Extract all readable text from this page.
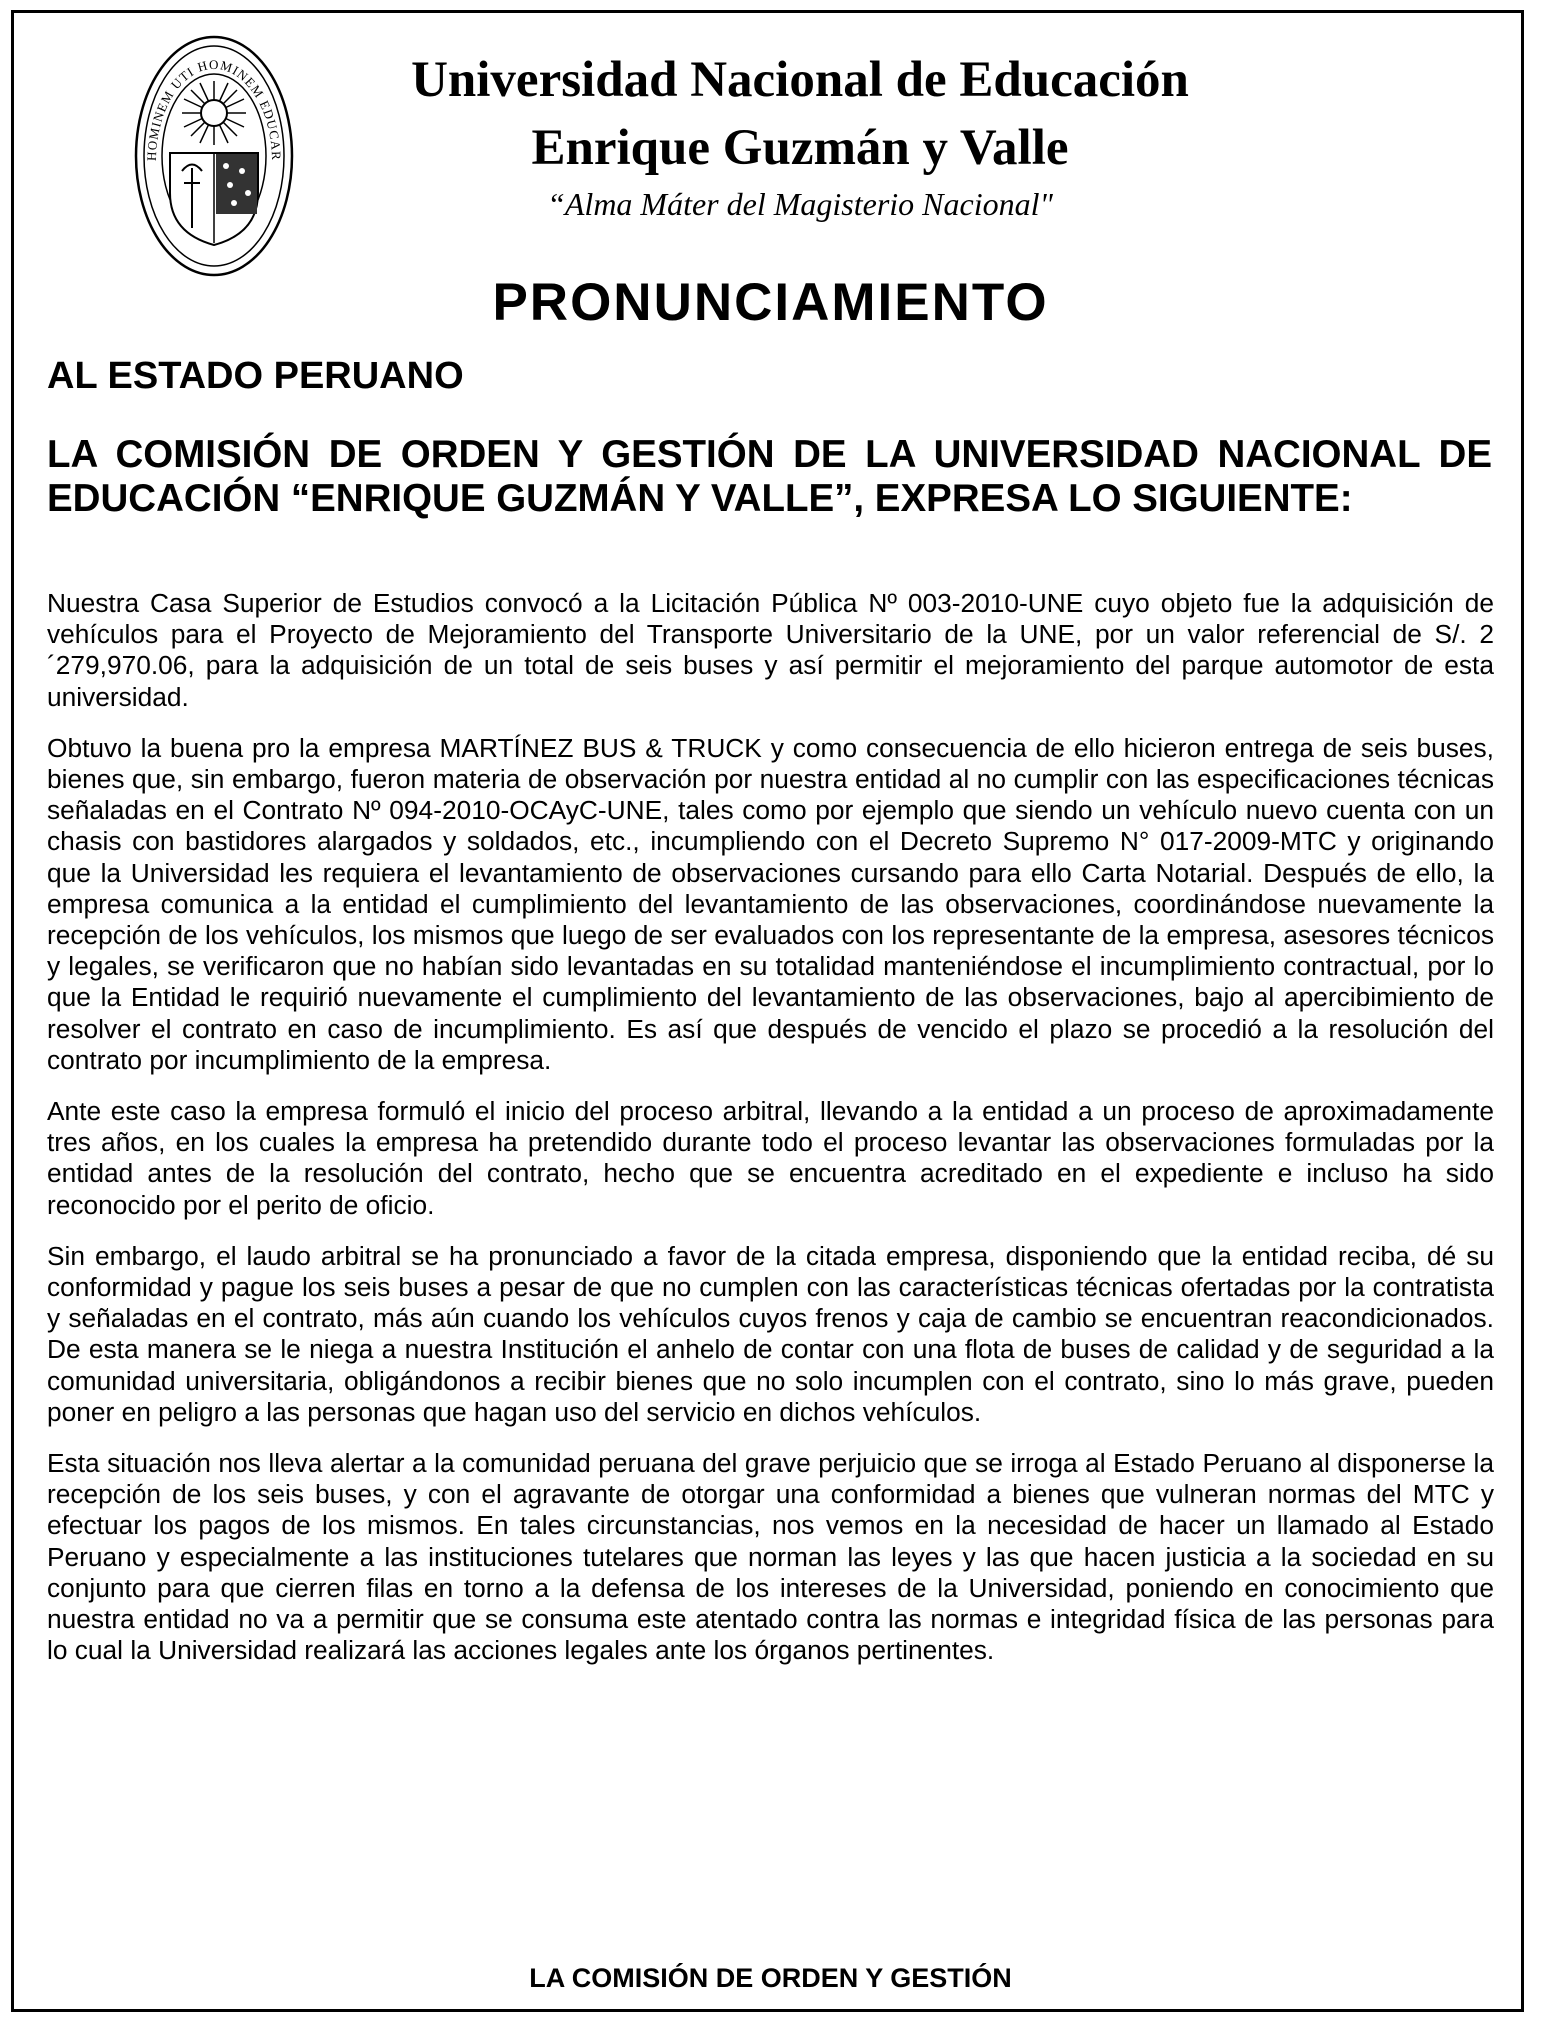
HOMINEM UTI HOMINEM EDUCAR
Universidad Nacional de Educación
Enrique Guzmán y Valle
“Alma Máter del Magisterio Nacional"
PRONUNCIAMIENTO
AL ESTADO PERUANO
LA COMISIÓN DE ORDEN Y GESTIÓN DE LA UNIVERSIDAD NACIONAL DE EDUCACIÓN “ENRIQUE GUZMÁN Y VALLE”, EXPRESA LO SIGUIENTE:

Nuestra Casa Superior de Estudios convocó a la Licitación Pública Nº 003-2010-UNE cuyo objeto fue la adquisición de vehículos para el Proyecto de Mejoramiento del Transporte Universitario de la UNE, por un valor referencial de S/. 2´279,970.06, para la adquisición de un total de seis buses y así permitir el mejoramiento del parque automotor de esta universidad.

Obtuvo la buena pro la empresa MARTÍNEZ BUS & TRUCK y como consecuencia de ello hicieron entrega de seis buses, bienes que, sin embargo, fueron materia de observación por nuestra entidad al no cumplir con las especificaciones técnicas señaladas en el Contrato Nº 094-2010-OCAyC-UNE, tales como por ejemplo que siendo un vehículo nuevo cuenta con un chasis con bastidores alargados y soldados, etc., incumpliendo con el Decreto Supremo N° 017-2009-MTC y originando que la Universidad les requiera el levantamiento de observaciones cursando para ello Carta Notarial. Después de ello, la empresa comunica a la entidad el cumplimiento del levantamiento de las observaciones, coordinándose nuevamente la recepción de los vehículos, los mismos que luego de ser evaluados con los representante de la empresa, asesores técnicos y legales, se verificaron que no habían sido levantadas en su totalidad manteniéndose el incumplimiento contractual, por lo que la Entidad le requirió nuevamente el cumplimiento del levantamiento de las observaciones, bajo al apercibimiento de resolver el contrato en caso de incumplimiento. Es así que después de vencido el plazo se procedió a la resolución del contrato por incumplimiento de la empresa.

Ante este caso la empresa formuló el inicio del proceso arbitral, llevando a la entidad a un proceso de aproximadamente tres años, en los cuales la empresa ha pretendido durante todo el proceso levantar las observaciones formuladas por la entidad antes de la resolución del contrato, hecho que se encuentra acreditado en el expediente e incluso ha sido reconocido por el perito de oficio.

Sin embargo, el laudo arbitral se ha pronunciado a favor de la citada empresa, disponiendo que la entidad reciba, dé su conformidad y pague los seis buses a pesar de que no cumplen con las características técnicas ofertadas por la contratista y señaladas en el contrato, más aún cuando los vehículos cuyos frenos y caja de cambio se encuentran reacondicionados. De esta manera se le niega a nuestra Institución el anhelo de contar con una flota de buses de calidad y de seguridad a la comunidad universitaria, obligándonos a recibir bienes que no solo incumplen con el contrato, sino lo más grave, pueden poner en peligro a las personas que hagan uso del servicio en dichos vehículos.

Esta situación nos lleva alertar a la comunidad peruana del grave perjuicio que se irroga al Estado Peruano al disponerse la recepción de los seis buses, y con el agravante de otorgar una conformidad a bienes que vulneran normas del MTC y efectuar los pagos de los mismos. En tales circunstancias, nos vemos en la necesidad de hacer un llamado al Estado Peruano y especialmente a las instituciones tutelares que norman las leyes y las que hacen justicia a la sociedad en su conjunto para que cierren filas en torno a la defensa de los intereses de la Universidad, poniendo en conocimiento que nuestra entidad no va a permitir que se consuma este atentado contra las normas e integridad física de las personas para lo cual la Universidad realizará las acciones legales ante los órganos pertinentes.

LA COMISIÓN DE ORDEN Y GESTIÓN
